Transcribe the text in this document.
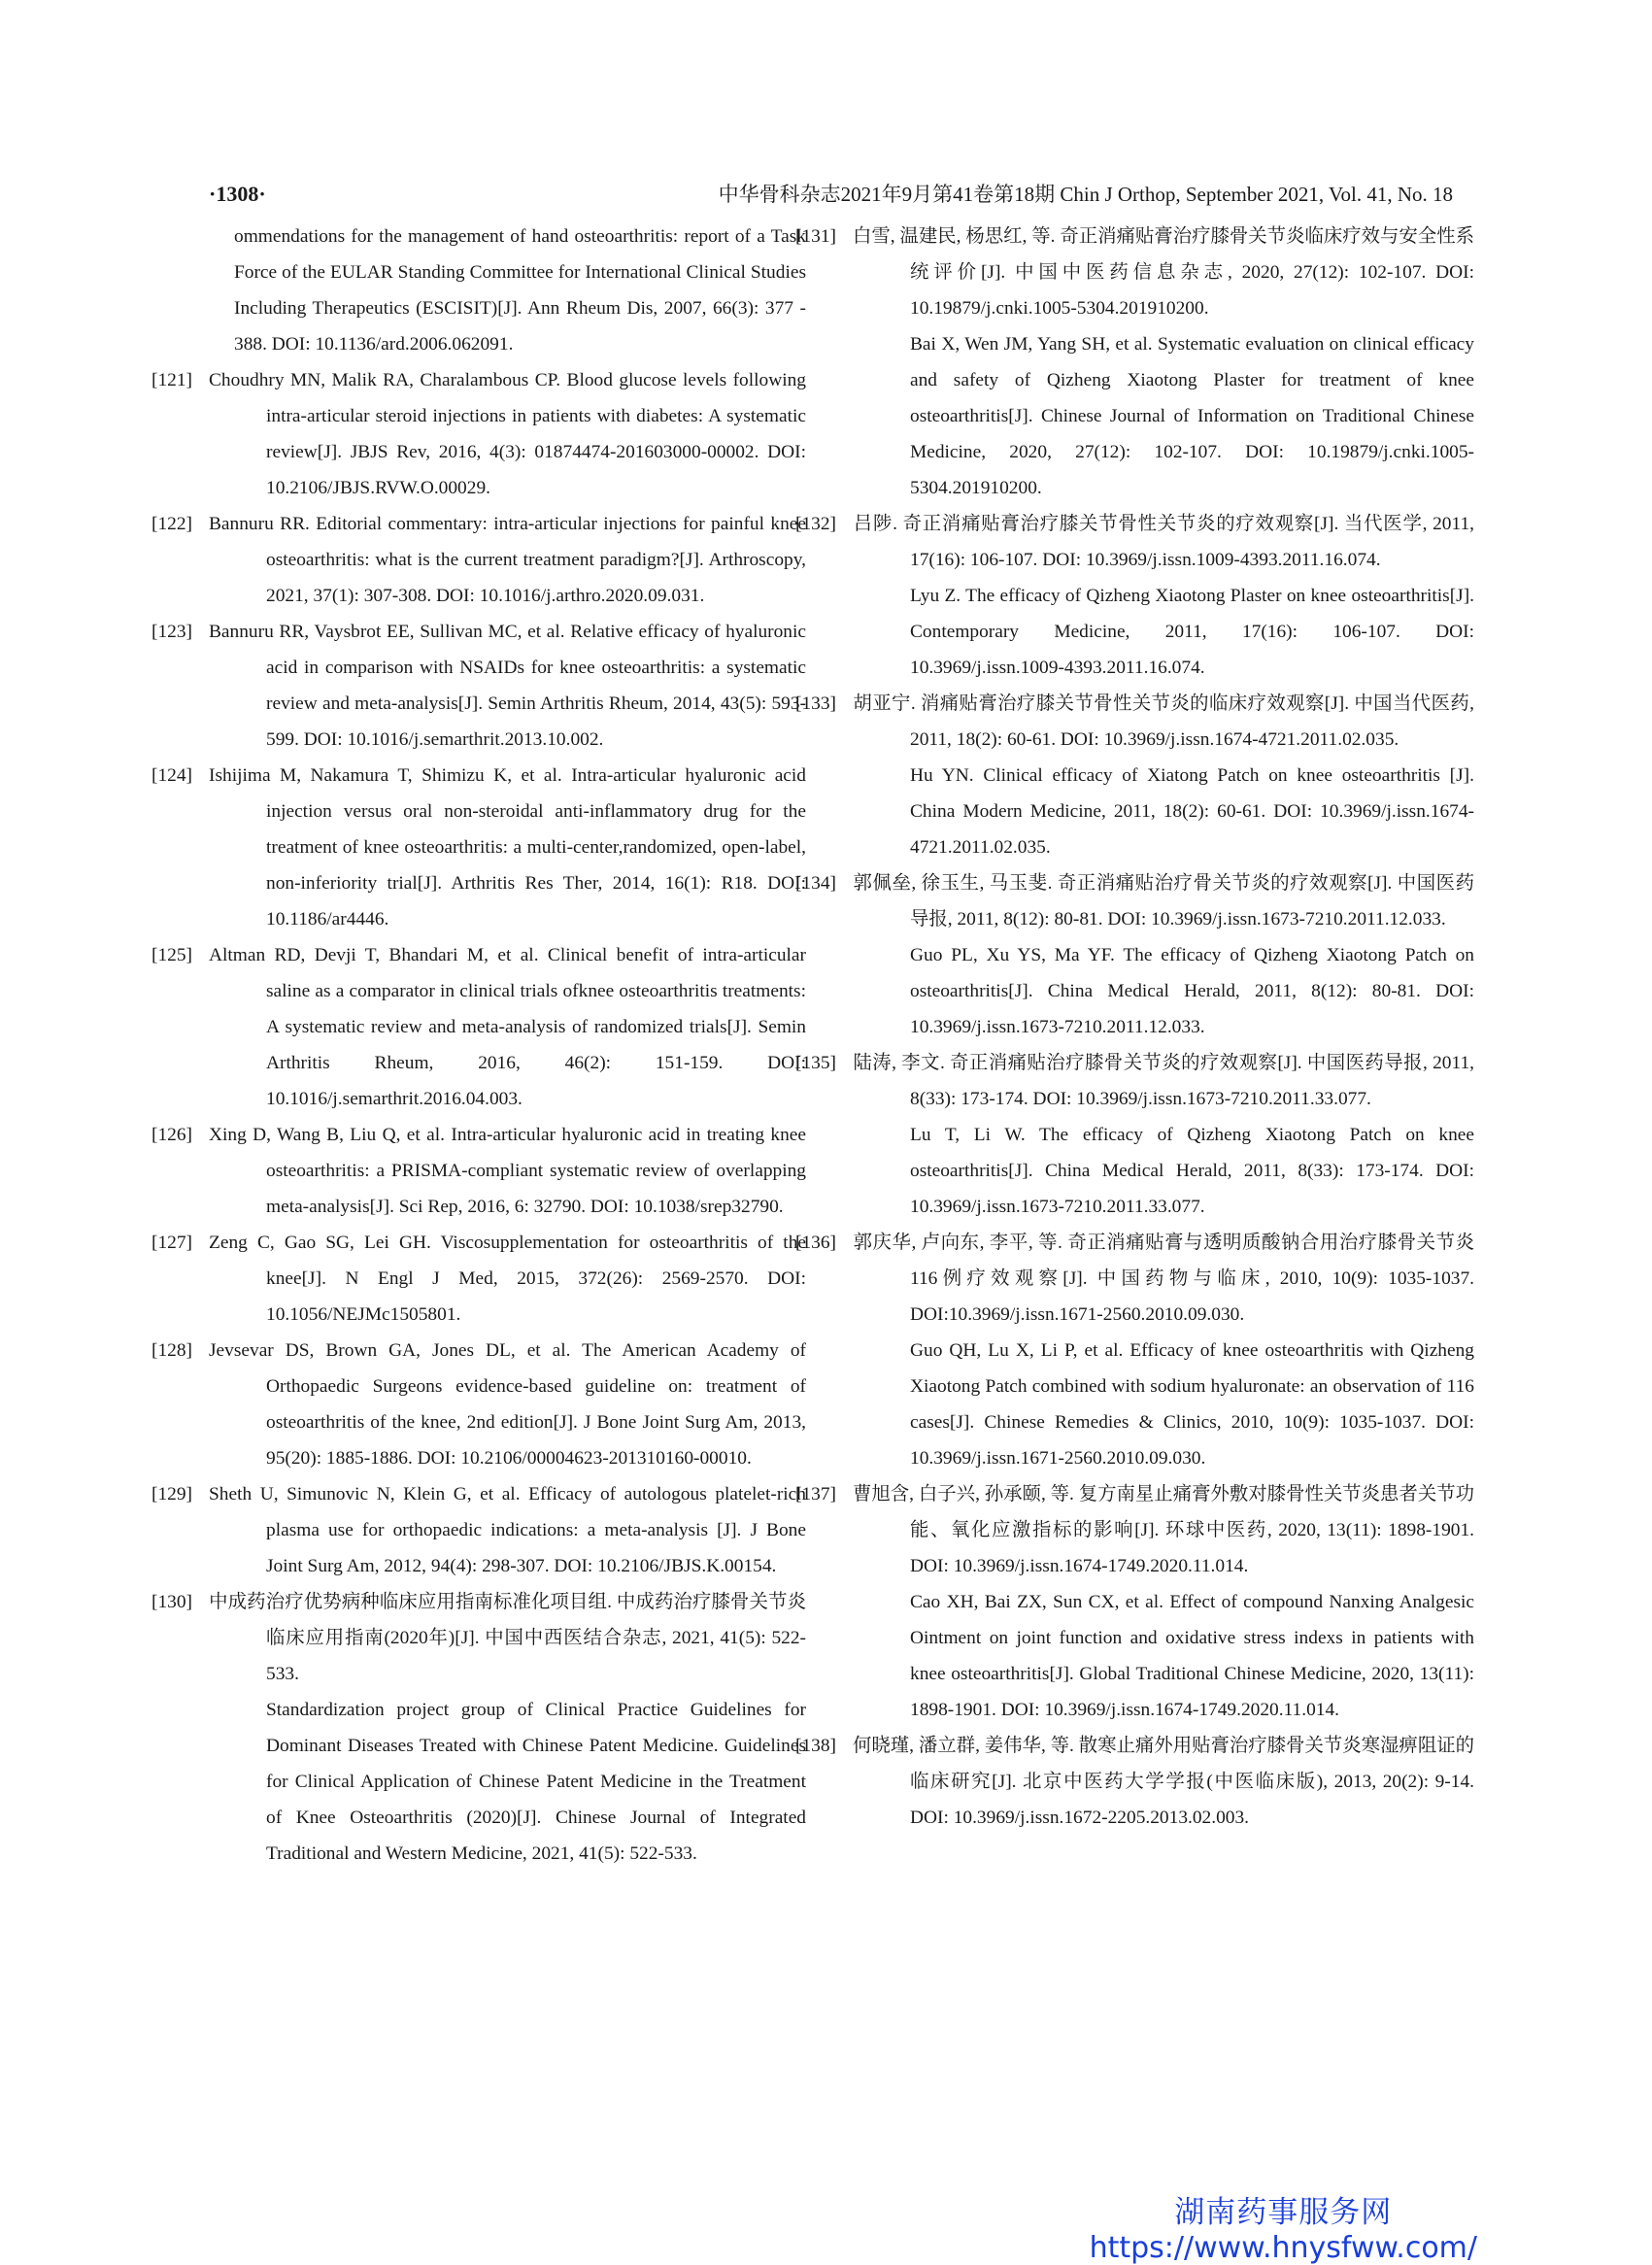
·1308·	中华骨科杂志2021年9月第41卷第18期 Chin J Orthop, September 2021, Vol. 41, No. 18
ommendations for the management of hand osteoarthritis: report of a Task Force of the EULAR Standing Committee for International Clinical Studies Including Therapeutics (ESCISIT)[J]. Ann Rheum Dis, 2007, 66(3): 377 - 388. DOI: 10.1136/ard.2006.062091.
[121] Choudhry MN, Malik RA, Charalambous CP. Blood glucose levels following intra-articular steroid injections in patients with diabetes: A systematic review[J]. JBJS Rev, 2016, 4(3): 01874474-201603000-00002. DOI: 10.2106/JBJS.RVW.O.00029.
[122] Bannuru RR. Editorial commentary: intra-articular injections for painful knee osteoarthritis: what is the current treatment paradigm?[J]. Arthroscopy, 2021, 37(1): 307-308. DOI: 10.1016/j.arthro.2020.09.031.
[123] Bannuru RR, Vaysbrot EE, Sullivan MC, et al. Relative efficacy of hyaluronic acid in comparison with NSAIDs for knee osteoarthritis: a systematic review and meta-analysis[J]. Semin Arthritis Rheum, 2014, 43(5): 593-599. DOI: 10.1016/j.semarthrit.2013.10.002.
[124] Ishijima M, Nakamura T, Shimizu K, et al. Intra-articular hyaluronic acid injection versus oral non-steroidal anti-inflammatory drug for the treatment of knee osteoarthritis: a multi-center,randomized, open-label, non-inferiority trial[J]. Arthritis Res Ther, 2014, 16(1): R18. DOI: 10.1186/ar4446.
[125] Altman RD, Devji T, Bhandari M, et al. Clinical benefit of intra-articular saline as a comparator in clinical trials ofknee osteoarthritis treatments: A systematic review and meta-analysis of randomized trials[J]. Semin Arthritis Rheum, 2016, 46(2): 151-159. DOI: 10.1016/j.semarthrit.2016.04.003.
[126] Xing D, Wang B, Liu Q, et al. Intra-articular hyaluronic acid in treating knee osteoarthritis: a PRISMA-compliant systematic review of overlapping meta-analysis[J]. Sci Rep, 2016, 6: 32790. DOI: 10.1038/srep32790.
[127] Zeng C, Gao SG, Lei GH. Viscosupplementation for osteoarthritis of the knee[J]. N Engl J Med, 2015, 372(26): 2569-2570. DOI: 10.1056/NEJMc1505801.
[128] Jevsevar DS, Brown GA, Jones DL, et al. The American Academy of Orthopaedic Surgeons evidence-based guideline on: treatment of osteoarthritis of the knee, 2nd edition[J]. J Bone Joint Surg Am, 2013, 95(20): 1885-1886. DOI: 10.2106/00004623-201310160-00010.
[129] Sheth U, Simunovic N, Klein G, et al. Efficacy of autologous platelet-rich plasma use for orthopaedic indications: a meta-analysis [J]. J Bone Joint Surg Am, 2012, 94(4): 298-307. DOI: 10.2106/JBJS.K.00154.
[130] 中成药治疗优势病种临床应用指南标准化项目组. 中成药治疗膝骨关节炎临床应用指南(2020年)[J]. 中国中西医结合杂志, 2021, 41(5): 522-533.
Standardization project group of Clinical Practice Guidelines for Dominant Diseases Treated with Chinese Patent Medicine. Guidelines for Clinical Application of Chinese Patent Medicine in the Treatment of Knee Osteoarthritis (2020)[J]. Chinese Journal of Integrated Traditional and Western Medicine, 2021, 41(5): 522-533.
[131] 白雪, 温建民, 杨思红, 等. 奇正消痛贴膏治疗膝骨关节炎临床疗效与安全性系统评价[J]. 中国中医药信息杂志, 2020, 27(12): 102-107. DOI: 10.19879/j.cnki.1005-5304.201910200.
Bai X, Wen JM, Yang SH, et al. Systematic evaluation on clinical efficacy and safety of Qizheng Xiaotong Plaster for treatment of knee osteoarthritis[J]. Chinese Journal of Information on Traditional Chinese Medicine, 2020, 27(12): 102-107. DOI: 10.19879/j.cnki.1005-5304.201910200.
[132] 吕陟. 奇正消痛贴膏治疗膝关节骨性关节炎的疗效观察[J]. 当代医学, 2011, 17(16): 106-107. DOI: 10.3969/j.issn.1009-4393.2011.16.074.
Lyu Z. The efficacy of Qizheng Xiaotong Plaster on knee osteoarthritis[J]. Contemporary Medicine, 2011, 17(16): 106-107. DOI: 10.3969/j.issn.1009-4393.2011.16.074.
[133] 胡亚宁. 消痛贴膏治疗膝关节骨性关节炎的临床疗效观察[J]. 中国当代医药, 2011, 18(2): 60-61. DOI: 10.3969/j.issn.1674-4721.2011.02.035.
Hu YN. Clinical efficacy of Xiatong Patch on knee osteoarthritis [J]. China Modern Medicine, 2011, 18(2): 60-61. DOI: 10.3969/j.issn.1674-4721.2011.02.035.
[134] 郭佩垒, 徐玉生, 马玉斐. 奇正消痛贴治疗骨关节炎的疗效观察[J]. 中国医药导报, 2011, 8(12): 80-81. DOI: 10.3969/j.issn.1673-7210.2011.12.033.
Guo PL, Xu YS, Ma YF. The efficacy of Qizheng Xiaotong Patch on osteoarthritis[J]. China Medical Herald, 2011, 8(12): 80-81. DOI: 10.3969/j.issn.1673-7210.2011.12.033.
[135] 陆涛, 李文. 奇正消痛贴治疗膝骨关节炎的疗效观察[J]. 中国医药导报, 2011, 8(33): 173-174. DOI: 10.3969/j.issn.1673-7210.2011.33.077.
Lu T, Li W. The efficacy of Qizheng Xiaotong Patch on knee osteoarthritis[J]. China Medical Herald, 2011, 8(33): 173-174. DOI: 10.3969/j.issn.1673-7210.2011.33.077.
[136] 郭庆华, 卢向东, 李平, 等. 奇正消痛贴膏与透明质酸钠合用治疗膝骨关节炎116例疗效观察[J]. 中国药物与临床, 2010, 10(9): 1035-1037. DOI:10.3969/j.issn.1671-2560.2010.09.030.
Guo QH, Lu X, Li P, et al. Efficacy of knee osteoarthritis with Qizheng Xiaotong Patch combined with sodium hyaluronate: an observation of 116 cases[J]. Chinese Remedies & Clinics, 2010, 10(9): 1035-1037. DOI: 10.3969/j.issn.1671-2560.2010.09.030.
[137] 曹旭含, 白子兴, 孙承颐, 等. 复方南星止痛膏外敷对膝骨性关节炎患者关节功能、氧化应激指标的影响[J]. 环球中医药, 2020, 13(11): 1898-1901. DOI: 10.3969/j.issn.1674-1749.2020.11.014.
Cao XH, Bai ZX, Sun CX, et al. Effect of compound Nanxing Analgesic Ointment on joint function and oxidative stress indexs in patients with knee osteoarthritis[J]. Global Traditional Chinese Medicine, 2020, 13(11): 1898-1901. DOI: 10.3969/j.issn.1674-1749.2020.11.014.
[138] 何晓瑾, 潘立群, 姜伟华, 等. 散寒止痛外用贴膏治疗膝骨关节炎寒湿痹阻证的临床研究[J]. 北京中医药大学学报(中医临床版), 2013, 20(2): 9-14. DOI: 10.3969/j.issn.1672-2205.2013.02.003.
湖南药事服务网
https://www.hnysfww.com/
